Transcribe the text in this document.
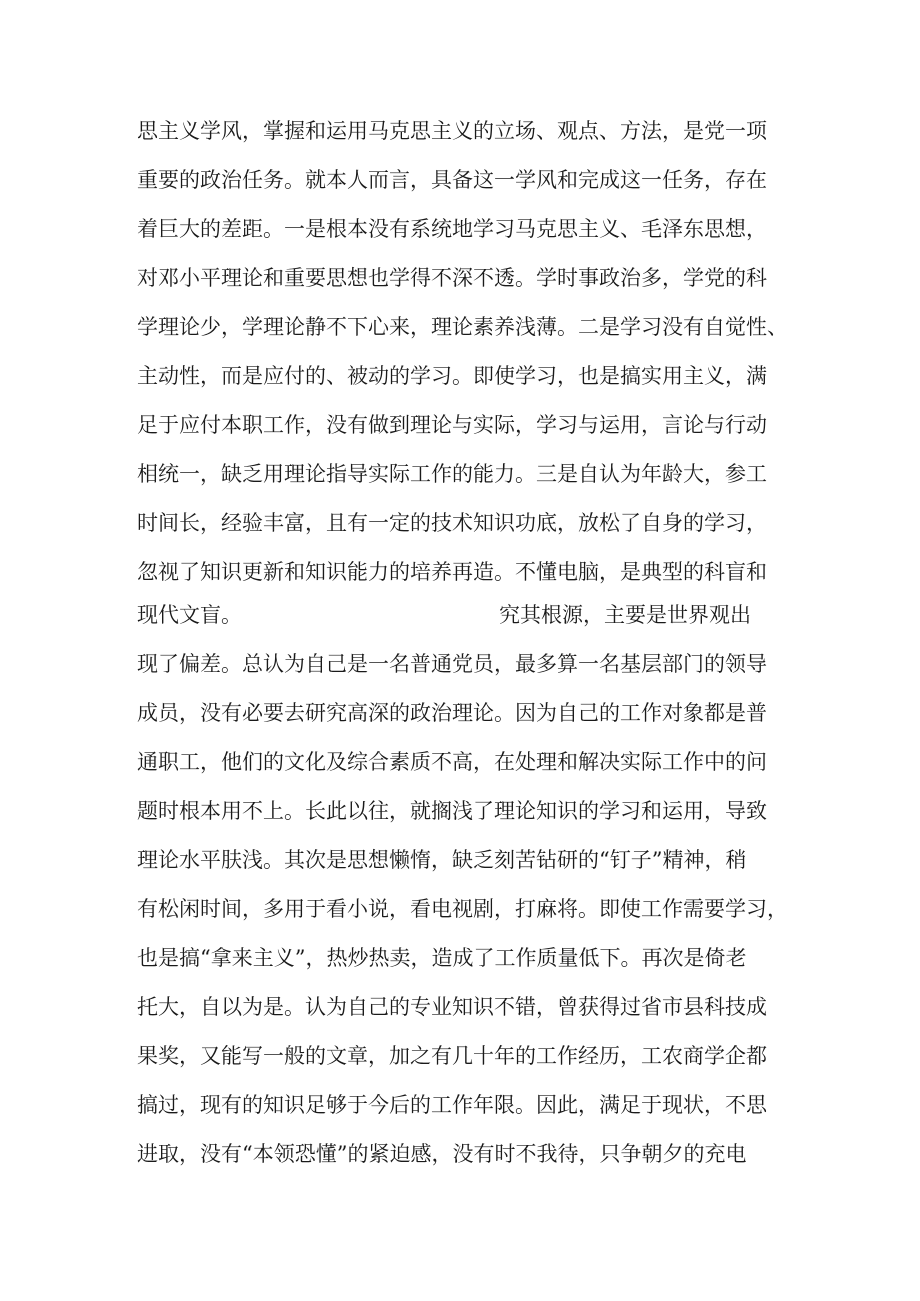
思主义学风，掌握和运用马克思主义的立场、观点、方法，是党一项
重要的政治任务。就本人而言，具备这一学风和完成这一任务，存在
着巨大的差距。一是根本没有系统地学习马克思主义、毛泽东思想，
对邓小平理论和重要思想也学得不深不透。学时事政治多，学党的科
学理论少，学理论静不下心来，理论素养浅薄。二是学习没有自觉性、
主动性，而是应付的、被动的学习。即使学习，也是搞实用主义，满
足于应付本职工作，没有做到理论与实际，学习与运用，言论与行动
相统一，缺乏用理论指导实际工作的能力。三是自认为年龄大，参工
时间长，经验丰富，且有一定的技术知识功底，放松了自身的学习，
忽视了知识更新和知识能力的培养再造。不懂电脑，是典型的科盲和
现代文盲。	究其根源，主要是世界观出
现了偏差。总认为自己是一名普通党员，最多算一名基层部门的领导
成员，没有必要去研究高深的政治理论。因为自己的工作对象都是普
通职工，他们的文化及综合素质不高，在处理和解决实际工作中的问
题时根本用不上。长此以往，就搁浅了理论知识的学习和运用，导致
理论水平肤浅。其次是思想懒惰，缺乏刻苦钻研的“钉子”精神，稍
有松闲时间，多用于看小说，看电视剧，打麻将。即使工作需要学习，
也是搞“拿来主义”，热炒热卖，造成了工作质量低下。再次是倚老
托大，自以为是。认为自己的专业知识不错，曾获得过省市县科技成
果奖，又能写一般的文章，加之有几十年的工作经历，工农商学企都
搞过，现有的知识足够于今后的工作年限。因此，满足于现状，不思
进取，没有“本领恐懂”的紧迫感，没有时不我待，只争朝夕的充电
